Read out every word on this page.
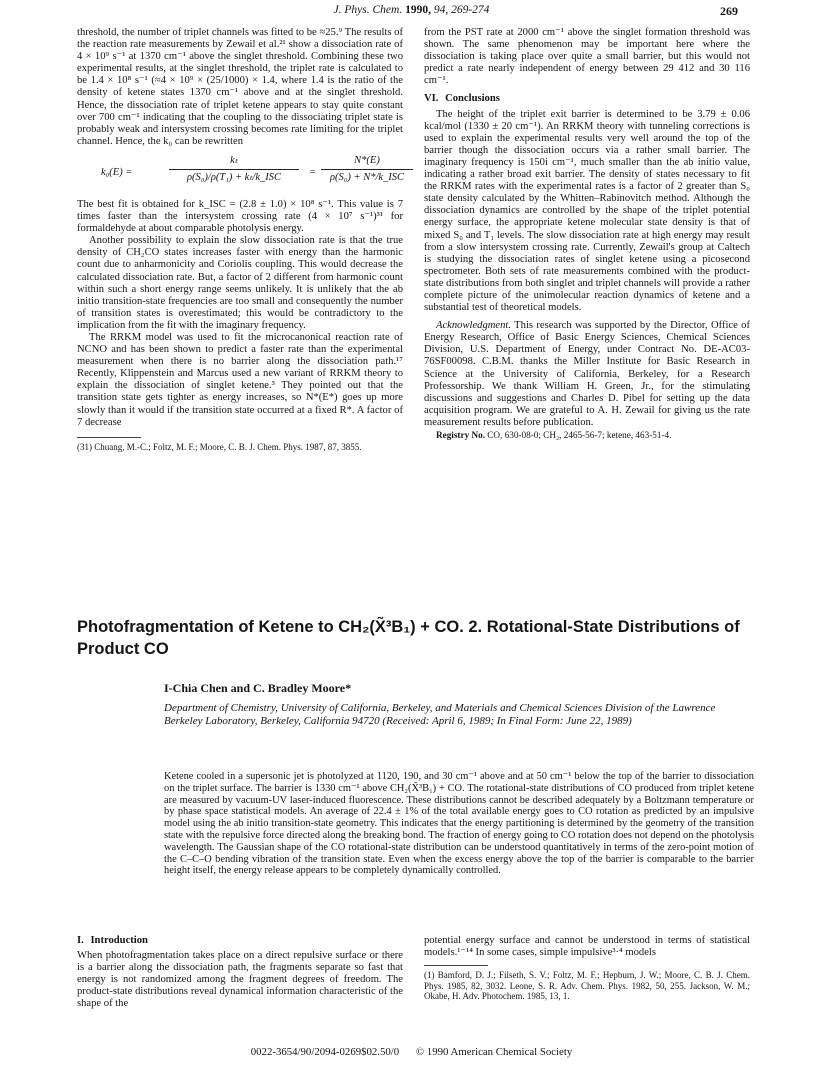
J. Phys. Chem. 1990, 94, 269-274	269

threshold, the number of triplet channels was fitted to be ≈25.⁹ The results of the reaction rate measurements by Zewail et al.²¹ show a dissociation rate of 4 × 10⁹ s⁻¹ at 1370 cm⁻¹ above the singlet threshold. Combining these two experimental results, at the singlet threshold, the triplet rate is calculated to be 1.4 × 10⁸ s⁻¹ (≈4 × 10⁹ × (25/1000) × 1.4, where 1.4 is the ratio of the density of ketene states 1370 cm⁻¹ above and at the singlet threshold. Hence, the dissociation rate of triplet ketene appears to stay quite constant over 700 cm⁻¹ indicating that the coupling to the dissociating triplet state is probably weak and intersystem crossing becomes rate limiting for the triplet channel. Hence, the k₀ can be rewritten

k₀(E) =
kₜ
ρ(S₀)/ρ(T₁) + kₜ/k_ISC	=
N*(E)
ρ(S₀) + N*/k_ISC

The best fit is obtained for k_ISC = (2.8 ± 1.0) × 10⁸ s⁻¹. This value is 7 times faster than the intersystem crossing rate (4 × 10⁷ s⁻¹)³¹ for formaldehyde at about comparable photolysis energy.

Another possibility to explain the slow dissociation rate is that the true density of CH₂CO states increases faster with energy than the harmonic count due to anharmonicity and Coriolis coupling. This would decrease the calculated dissociation rate. But, a factor of 2 different from harmonic count within such a short energy range seems unlikely. It is unlikely that the ab initio transition-state frequencies are too small and consequently the number of transition states is overestimated; this would be contradictory to the implication from the fit with the imaginary frequency.

The RRKM model was used to fit the microcanonical reaction rate of NCNO and has been shown to predict a faster rate than the experimental measurement when there is no barrier along the dissociation path.¹⁷ Recently, Klippenstein and Marcus used a new variant of RRKM theory to explain the dissociation of singlet ketene.³ They pointed out that the transition state gets tighter as energy increases, so N*(E*) goes up more slowly than it would if the transition state occurred at a fixed R*. A factor of 7 decrease

(31) Chuang, M.-C.; Foltz, M. F.; Moore, C. B. J. Chem. Phys. 1987, 87, 3855.

from the PST rate at 2000 cm⁻¹ above the singlet formation threshold was shown. The same phenomenon may be important here where the dissociation is taking place over quite a small barrier, but this would not predict a rate nearly independent of energy between 29 412 and 30 116 cm⁻¹.

VI. Conclusions

The height of the triplet exit barrier is determined to be 3.79 ± 0.06 kcal/mol (1330 ± 20 cm⁻¹). An RRKM theory with tunneling corrections is used to explain the experimental results very well around the top of the barrier though the dissociation occurs via a rather small barrier. The imaginary frequency is 150i cm⁻¹, much smaller than the ab initio value, indicating a rather broad exit barrier. The density of states necessary to fit the RRKM rates with the experimental rates is a factor of 2 greater than S₀ state density calculated by the Whitten–Rabinovitch method. Although the dissociation dynamics are controlled by the shape of the triplet potential energy surface, the appropriate ketene molecular state density is that of mixed S₀ and T₁ levels. The slow dissociation rate at high energy may result from a slow intersystem crossing rate. Currently, Zewail's group at Caltech is studying the dissociation rates of singlet ketene using a picosecond spectrometer. Both sets of rate measurements combined with the product-state distributions from both singlet and triplet channels will provide a rather complete picture of the unimolecular reaction dynamics of ketene and a substantial test of theoretical models.

Acknowledgment. This research was supported by the Director, Office of Energy Research, Office of Basic Energy Sciences, Chemical Sciences Division, U.S. Department of Energy, under Contract No. DE-AC03-76SF00098. C.B.M. thanks the Miller Institute for Basic Research in Science at the University of California, Berkeley, for a Research Professorship. We thank William H. Green, Jr., for the stimulating discussions and suggestions and Charles D. Pibel for setting up the data acquisition program. We are grateful to A. H. Zewail for giving us the rate measurement results before publication.

Registry No. CO, 630-08-0; CH₂, 2465-56-7; ketene, 463-51-4.

Photofragmentation of Ketene to CH₂(X̃³B₁) + CO. 2. Rotational-State Distributions of Product CO
I-Chia Chen and C. Bradley Moore*
Department of Chemistry, University of California, Berkeley, and Materials and Chemical Sciences Division of the Lawrence Berkeley Laboratory, Berkeley, California 94720 (Received: April 6, 1989; In Final Form: June 22, 1989)
Ketene cooled in a supersonic jet is photolyzed at 1120, 190, and 30 cm⁻¹ above and at 50 cm⁻¹ below the top of the barrier to dissociation on the triplet surface. The barrier is 1330 cm⁻¹ above CH₂(X̃³B₁) + CO. The rotational-state distributions of CO produced from triplet ketene are measured by vacuum-UV laser-induced fluorescence. These distributions cannot be described adequately by a Boltzmann temperature or by phase space statistical models. An average of 22.4 ± 1% of the total available energy goes to CO rotation as predicted by an impulsive model using the ab initio transition-state geometry. This indicates that the energy partitioning is determined by the geometry of the transition state with the repulsive force directed along the breaking bond. The fraction of energy going to CO rotation does not depend on the photolysis wavelength. The Gaussian shape of the CO rotational-state distribution can be understood quantitatively in terms of the zero-point motion of the C–C–O bending vibration of the transition state. Even when the excess energy above the top of the barrier is comparable to the barrier height itself, the energy release appears to be completely dynamically controlled.
I. Introduction

When photofragmentation takes place on a direct repulsive surface or there is a barrier along the dissociation path, the fragments separate so fast that energy is not randomized among the fragment degrees of freedom. The product-state distributions reveal dynamical information characteristic of the shape of the

potential energy surface and cannot be understood in terms of statistical models.¹⁻¹⁴ In some cases, simple impulsive³·⁴ models

(1) Bamford, D. J.; Filseth, S. V.; Foltz, M. F.; Hepburn, J. W.; Moore, C. B. J. Chem. Phys. 1985, 82, 3032. Leone, S. R. Adv. Chem. Phys. 1982, 50, 255. Jackson, W. M.; Okabe, H. Adv. Photochem. 1985, 13, 1.

0022-3654/90/2094-0269$02.50/0 © 1990 American Chemical Society
